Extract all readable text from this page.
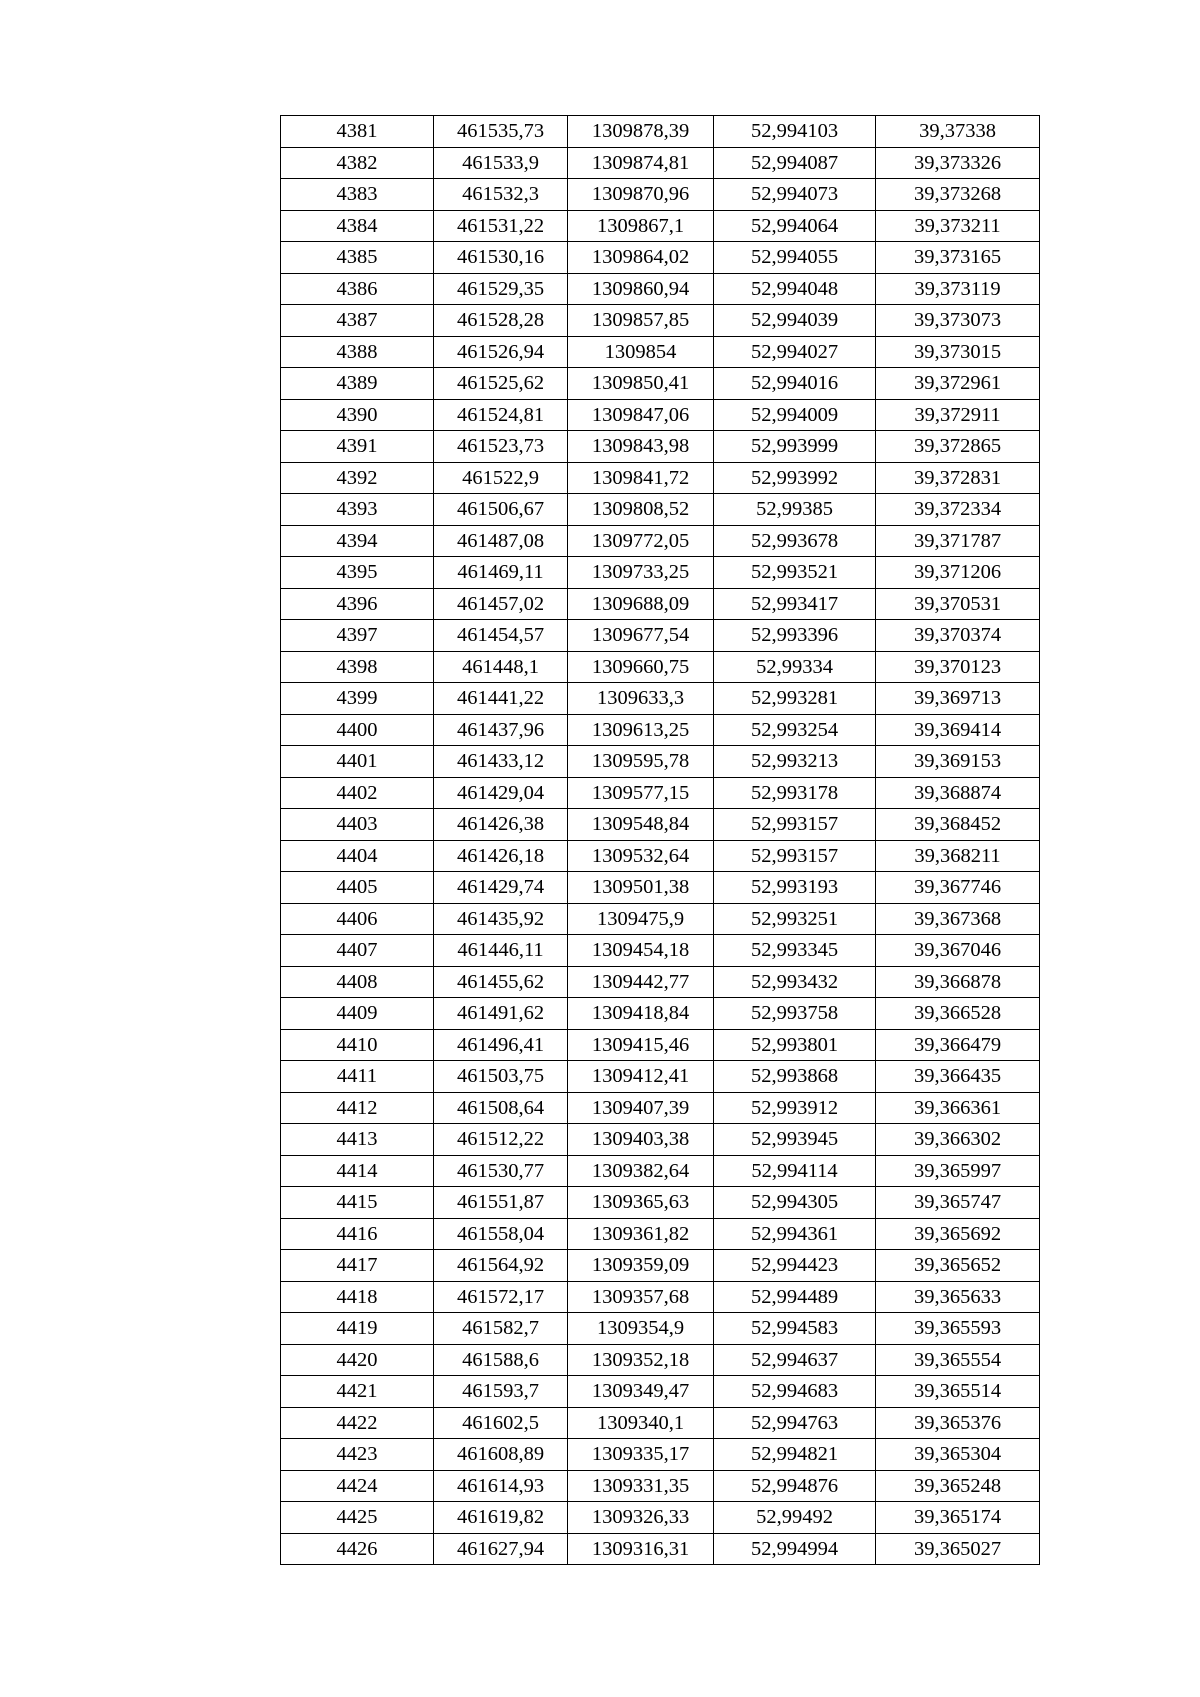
4381	461535,73	1309878,39	52,994103	39,37338
4382	461533,9	1309874,81	52,994087	39,373326
4383	461532,3	1309870,96	52,994073	39,373268
4384	461531,22	1309867,1	52,994064	39,373211
4385	461530,16	1309864,02	52,994055	39,373165
4386	461529,35	1309860,94	52,994048	39,373119
4387	461528,28	1309857,85	52,994039	39,373073
4388	461526,94	1309854	52,994027	39,373015
4389	461525,62	1309850,41	52,994016	39,372961
4390	461524,81	1309847,06	52,994009	39,372911
4391	461523,73	1309843,98	52,993999	39,372865
4392	461522,9	1309841,72	52,993992	39,372831
4393	461506,67	1309808,52	52,99385	39,372334
4394	461487,08	1309772,05	52,993678	39,371787
4395	461469,11	1309733,25	52,993521	39,371206
4396	461457,02	1309688,09	52,993417	39,370531
4397	461454,57	1309677,54	52,993396	39,370374
4398	461448,1	1309660,75	52,99334	39,370123
4399	461441,22	1309633,3	52,993281	39,369713
4400	461437,96	1309613,25	52,993254	39,369414
4401	461433,12	1309595,78	52,993213	39,369153
4402	461429,04	1309577,15	52,993178	39,368874
4403	461426,38	1309548,84	52,993157	39,368452
4404	461426,18	1309532,64	52,993157	39,368211
4405	461429,74	1309501,38	52,993193	39,367746
4406	461435,92	1309475,9	52,993251	39,367368
4407	461446,11	1309454,18	52,993345	39,367046
4408	461455,62	1309442,77	52,993432	39,366878
4409	461491,62	1309418,84	52,993758	39,366528
4410	461496,41	1309415,46	52,993801	39,366479
4411	461503,75	1309412,41	52,993868	39,366435
4412	461508,64	1309407,39	52,993912	39,366361
4413	461512,22	1309403,38	52,993945	39,366302
4414	461530,77	1309382,64	52,994114	39,365997
4415	461551,87	1309365,63	52,994305	39,365747
4416	461558,04	1309361,82	52,994361	39,365692
4417	461564,92	1309359,09	52,994423	39,365652
4418	461572,17	1309357,68	52,994489	39,365633
4419	461582,7	1309354,9	52,994583	39,365593
4420	461588,6	1309352,18	52,994637	39,365554
4421	461593,7	1309349,47	52,994683	39,365514
4422	461602,5	1309340,1	52,994763	39,365376
4423	461608,89	1309335,17	52,994821	39,365304
4424	461614,93	1309331,35	52,994876	39,365248
4425	461619,82	1309326,33	52,99492	39,365174
4426	461627,94	1309316,31	52,994994	39,365027
